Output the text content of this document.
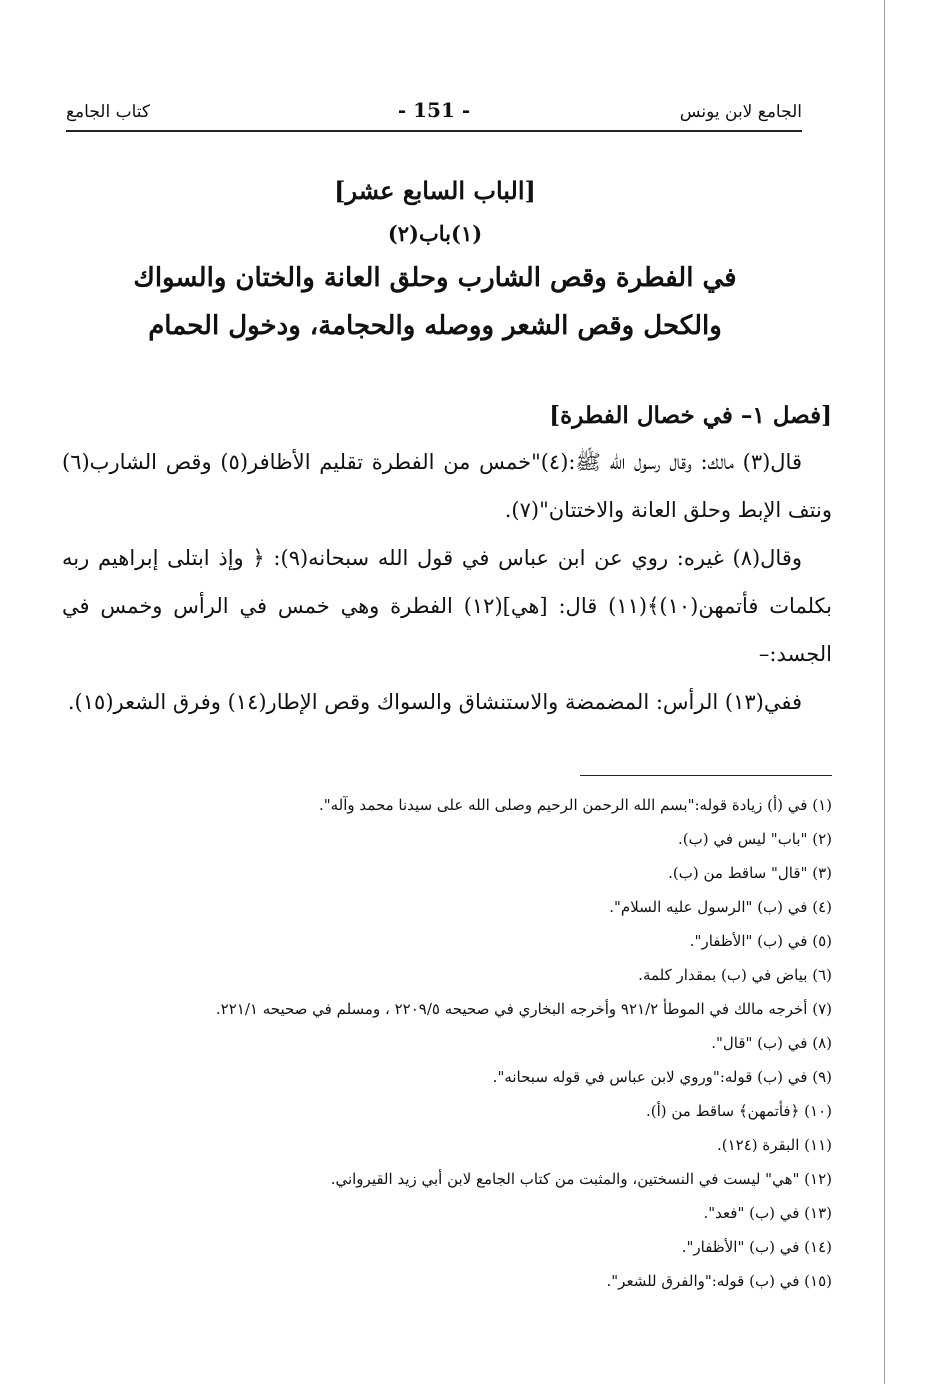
الجامع لابن يونس
- 151 -
كتاب الجامع
[الباب السابع عشر]
(١)باب(٢)
في الفطرة وقص الشارب وحلق العانة والختان والسواك
والكحل وقص الشعر ووصله والحجامة، ودخول الحمام

[فصل ١– في خصال الفطرة]

قال(٣) مالك: وقال رسول الله ﷺ:(٤)"خمس من الفطرة تقليم الأظافر(٥) وقص الشارب(٦) ونتف الإبط وحلق العانة والاختتان"(٧).

وقال(٨) غيره: روي عن ابن عباس في قول الله سبحانه(٩): ﴿ وإذ ابتلى إبراهيم ربه بكلمات فأتمهن(١٠)﴾(١١) قال: [هي](١٢) الفطرة وهي خمس في الرأس وخمس في الجسد:–

ففي(١٣) الرأس: المضمضة والاستنشاق والسواك وقص الإطار(١٤) وفرق الشعر(١٥).

(١) في (أ) زيادة قوله:"بسم الله الرحمن الرحيم وصلى الله على سيدنا محمد وآله".
(٢) "باب" ليس في (ب).
(٣) "قال" ساقط من (ب).
(٤) في (ب) "الرسول عليه السلام".
(٥) في (ب) "الأظفار".
(٦) بياض في (ب) بمقدار كلمة.
(٧) أخرجه مالك في الموطأ ٩٢١/٢ وأخرجه البخاري في صحيحه ٢٢٠٩/٥ ، ومسلم في صحيحه ٢٢١/١.
(٨) في (ب) "قال".
(٩) في (ب) قوله:"وروي لابن عباس في قوله سبحانه".
(١٠) ﴿فأتمهن﴾ ساقط من (أ).
(١١) البقرة (١٢٤).
(١٢) "هي" ليست في النسختين، والمثبت من كتاب الجامع لابن أبي زيد القيرواني.
(١٣) في (ب) "فعد".
(١٤) في (ب) "الأظفار".
(١٥) في (ب) قوله:"والفرق للشعر".
